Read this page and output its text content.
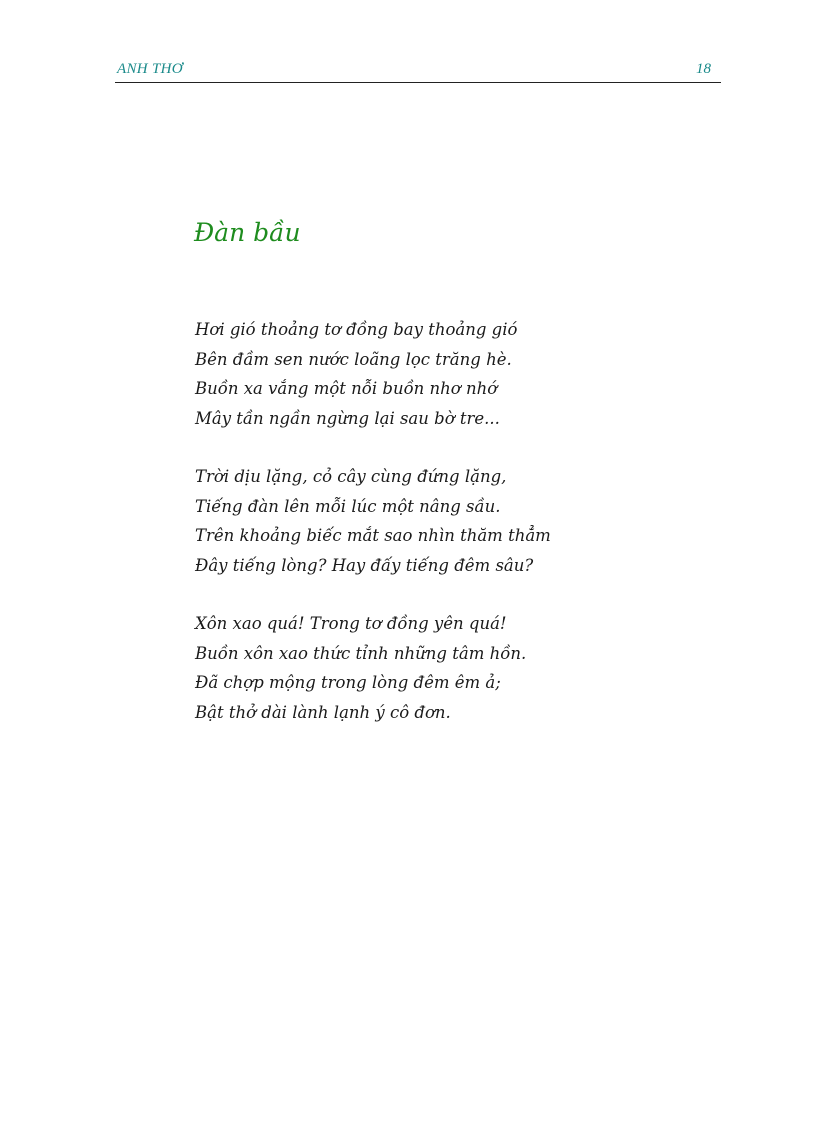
ANH THƠ	18
Đàn bầu
Hơi gió thoảng tơ đồng bay thoảng gió
Bên đầm sen nước loãng lọc trăng hè.
Buồn xa vắng một nỗi buồn nhơ nhớ
Mây tần ngần ngừng lại sau bờ tre...
Trời dịu lặng, cỏ cây cùng đứng lặng,
Tiếng đàn lên mỗi lúc một nâng sầu.
Trên khoảng biếc mắt sao nhìn thăm thẳm
Đây tiếng lòng? Hay đấy tiếng đêm sâu?
Xôn xao quá! Trong tơ đồng yên quá!
Buồn xôn xao thức tỉnh những tâm hồn.
Đã chợp mộng trong lòng đêm êm ả;
Bật thở dài lành lạnh ý cô đơn.
